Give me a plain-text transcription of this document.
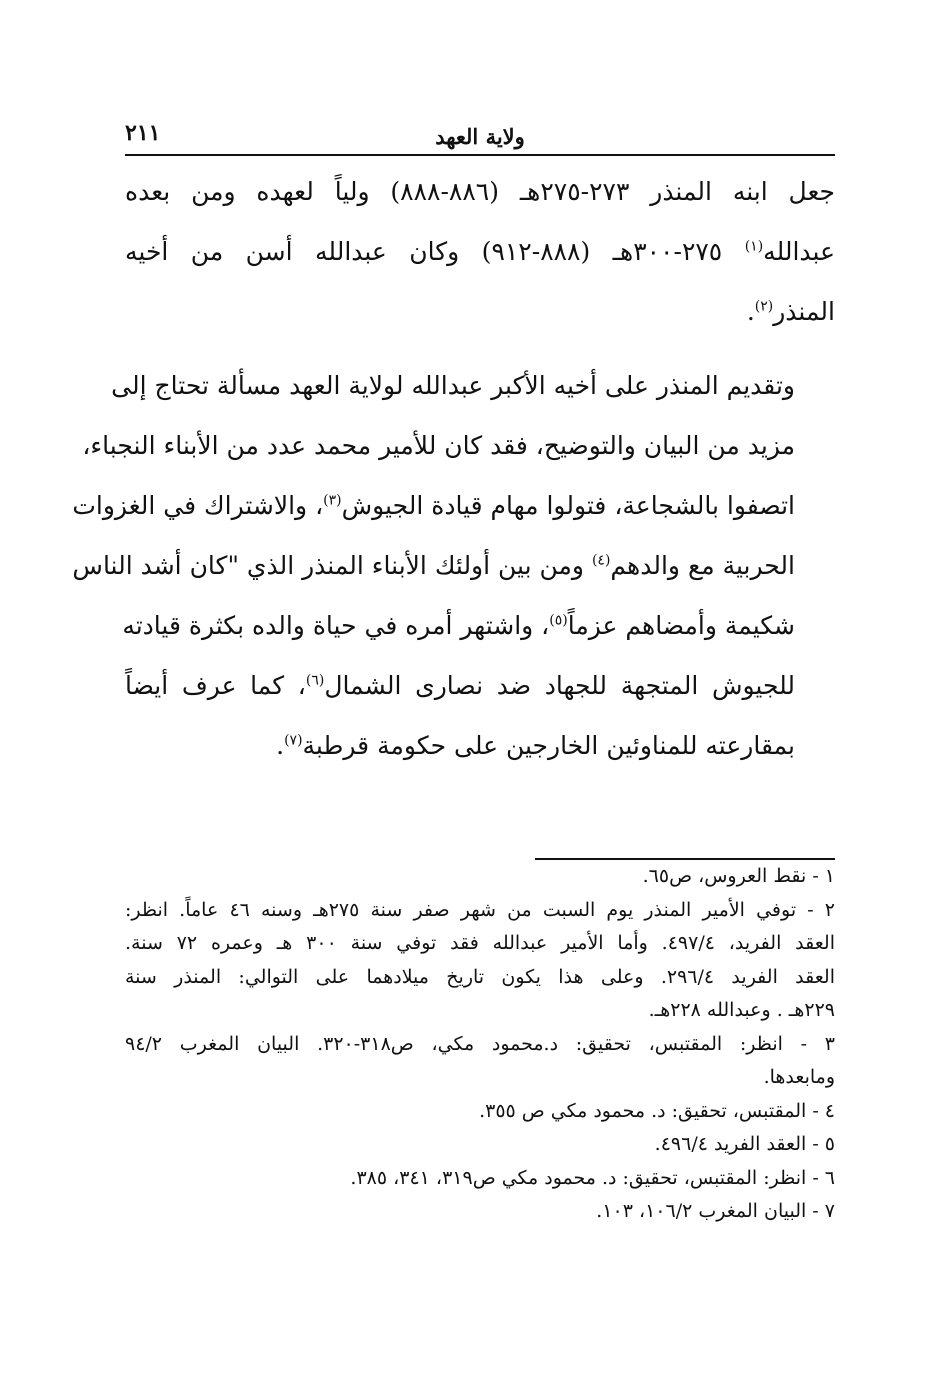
٢١١	ولاية العهد

جعل ابنه المنذر ٢٧٣-٢٧٥هـ (٨٨٦-٨٨٨) ولياً لعهده ومن بعده
عبدالله$^{(١)}$ ٢٧٥-٣٠٠هـ (٨٨٨-٩١٢) وكان عبدالله أسن من أخيه
المنذر$^{(٢)}$.

وتقديم المنذر على أخيه الأكبر عبدالله لولاية العهد مسألة تحتاج إلى
مزيد من البيان والتوضيح، فقد كان للأمير محمد عدد من الأبناء النجباء،
اتصفوا بالشجاعة، فتولوا مهام قيادة الجيوش$^{(٣)}$، والاشتراك في الغزوات
الحربية مع والدهم$^{(٤)}$ ومن بين أولئك الأبناء المنذر الذي "كان أشد الناس
شكيمة وأمضاهم عزماً$^{(٥)}$، واشتهر أمره في حياة والده بكثرة قيادته
للجيوش المتجهة للجهاد ضد نصارى الشمال$^{(٦)}$، كما عرف أيضاً
بمقارعته للمناوئين الخارجين على حكومة قرطبة$^{(٧)}$.

١ - نقط العروس، ص٦٥.
٢ - توفي الأمير المنذر يوم السبت من شهر صفر سنة ٢٧٥هـ وسنه ٤٦ عاماً. انظر:
العقد الفريد، ٤٩٧/٤. وأما الأمير عبدالله فقد توفي سنة ٣٠٠ هـ وعمره ٧٢ سنة.
العقد الفريد ٢٩٦/٤. وعلى هذا يكون تاريخ ميلادهما على التوالي: المنذر سنة
٢٢٩هـ . وعبدالله ٢٢٨هـ.
٣ - انظر: المقتبس، تحقيق: د.محمود مكي، ص٣١٨-٣٢٠. البيان المغرب ٩٤/٢
ومابعدها.
٤ - المقتبس، تحقيق: د. محمود مكي ص ٣٥٥.
٥ - العقد الفريد ٤٩٦/٤.
٦ - انظر: المقتبس، تحقيق: د. محمود مكي ص٣١٩، ٣٤١، ٣٨٥.
٧ - البيان المغرب ١٠٦/٢، ١٠٣.
